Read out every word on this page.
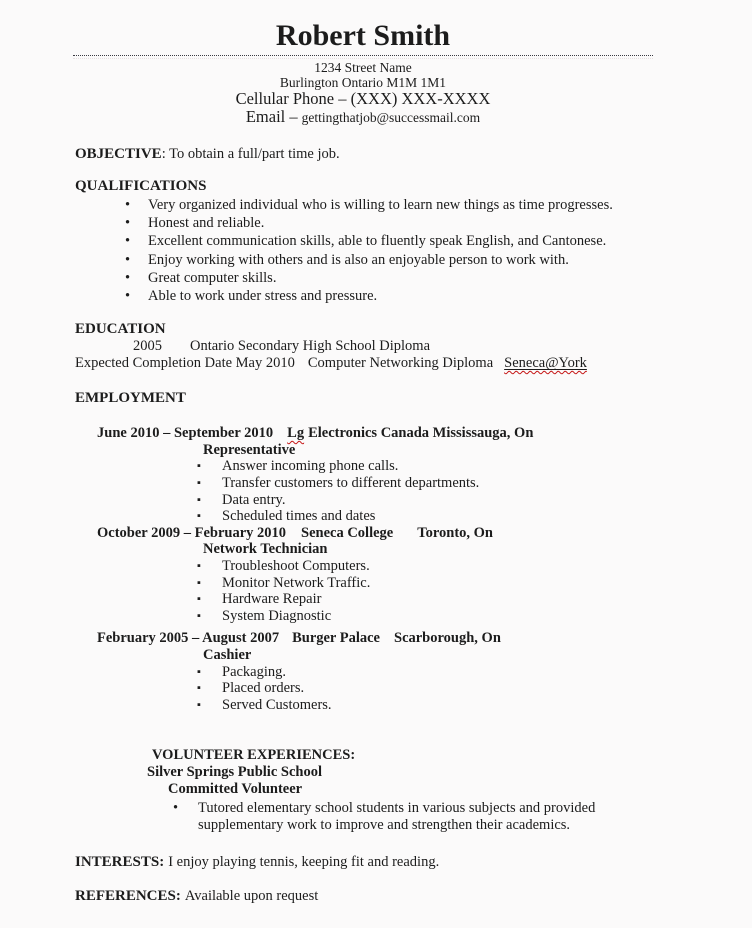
Robert Smith
1234 Street Name
Burlington Ontario M1M 1M1
Cellular Phone – (XXX) XXX-XXXX
Email – gettingthatjob@successmail.com
OBJECTIVE: To obtain a full/part time job.
QUALIFICATIONS
•	Very organized individual who is willing to learn new things as time progresses.
•	Honest and reliable.
•	Excellent communication skills, able to fluently speak English, and Cantonese.
•	Enjoy working with others and is also an enjoyable person to work with.
•	Great computer skills.
•	Able to work under stress and pressure.
EDUCATION
2005 Ontario Secondary High School Diploma
Expected Completion Date May 2010 Computer Networking Diploma Seneca@York
EMPLOYMENT
June 2010 – September 2010 Lg Electronics Canada Mississauga, On
Representative
▪	Answer incoming phone calls.
▪	Transfer customers to different departments.
▪	Data entry.
▪	Scheduled times and dates
October 2009 – February 2010 Seneca College Toronto, On
Network Technician
▪	Troubleshoot Computers.
▪	Monitor Network Traffic.
▪	Hardware Repair
▪	System Diagnostic
February 2005 – August 2007 Burger Palace Scarborough, On
Cashier
▪	Packaging.
▪	Placed orders.
▪	Served Customers.
VOLUNTEER EXPERIENCES:
Silver Springs Public School
Committed Volunteer
•	Tutored elementary school students in various subjects and provided supplementary work to improve and strengthen their academics.
INTERESTS: I enjoy playing tennis, keeping fit and reading.
REFERENCES: Available upon request
